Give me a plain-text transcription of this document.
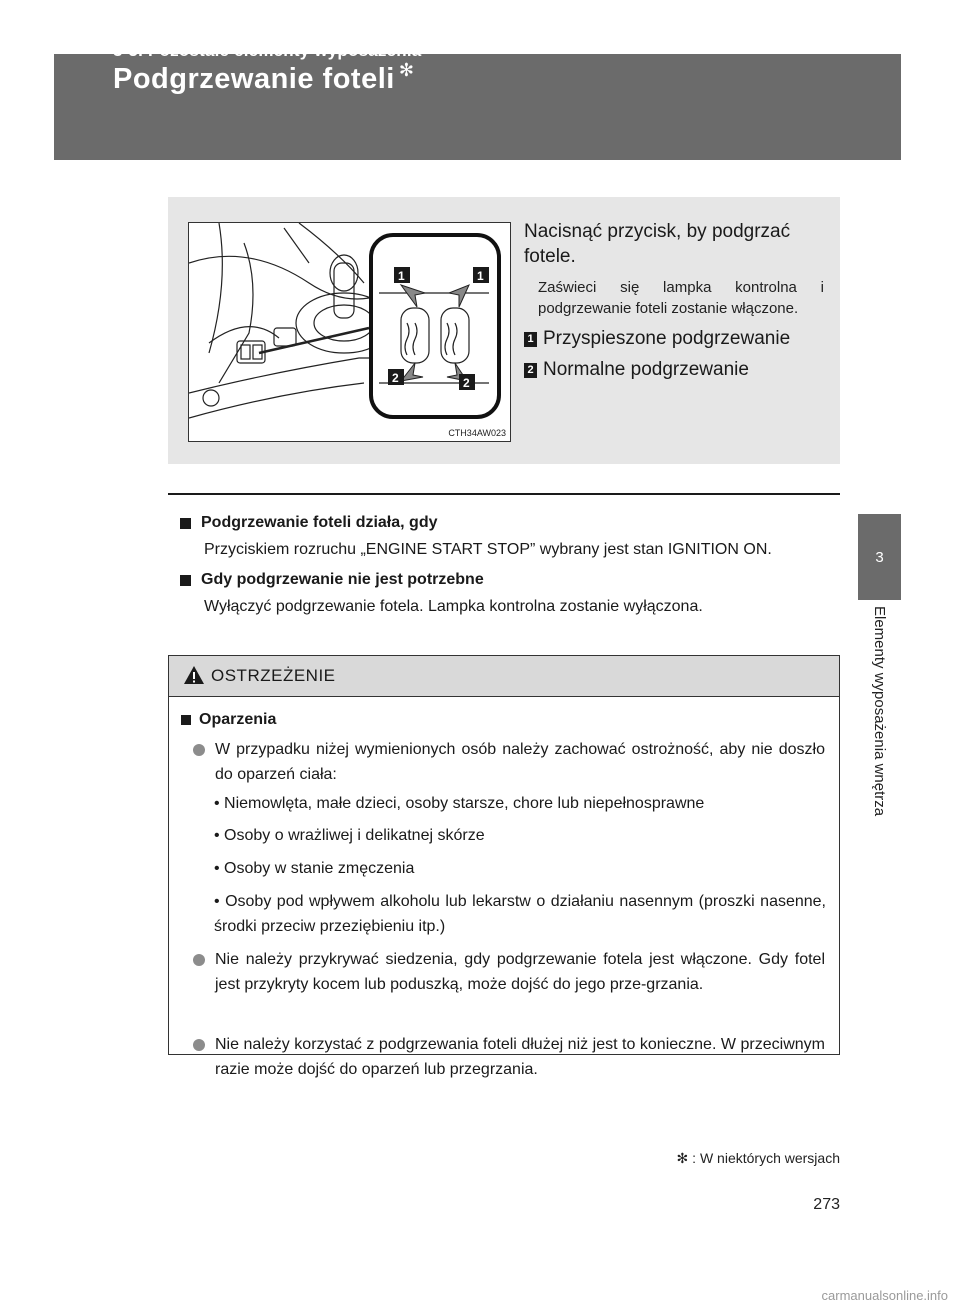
3-5. Pozostałe elementy wyposażenia
Podgrzewanie foteli ✻
3
Elementy wyposażenia wnętrza
1	1
2	2
CTH34AW023
Nacisnąć przycisk, by podgrzać fotele.
Zaświeci się lampka kontrolna i podgrzewanie foteli zostanie włączone.
1 Przyspieszone podgrzewanie
2 Normalne podgrzewanie
Podgrzewanie foteli działa, gdy
Przyciskiem rozruchu „ENGINE START STOP” wybrany jest stan IGNITION ON.
Gdy podgrzewanie nie jest potrzebne
Wyłączyć podgrzewanie fotela. Lampka kontrolna zostanie wyłączona.
OSTRZEŻENIE
Oparzenia
W przypadku niżej wymienionych osób należy zachować ostrożność, aby nie doszło do oparzeń ciała:
• Niemowlęta, małe dzieci, osoby starsze, chore lub niepełnosprawne
• Osoby o wrażliwej i delikatnej skórze
• Osoby w stanie zmęczenia
• Osoby pod wpływem alkoholu lub lekarstw o działaniu nasennym (proszki nasenne, środki przeciw przeziębieniu itp.)
Nie należy przykrywać siedzenia, gdy podgrzewanie fotela jest włączone. Gdy fotel jest przykryty kocem lub poduszką, może dojść do jego prze-grzania.
Nie należy korzystać z podgrzewania foteli dłużej niż jest to konieczne. W przeciwnym razie może dojść do oparzeń lub przegrzania.
✻ : W niektórych wersjach
273
carmanualsonline.info
